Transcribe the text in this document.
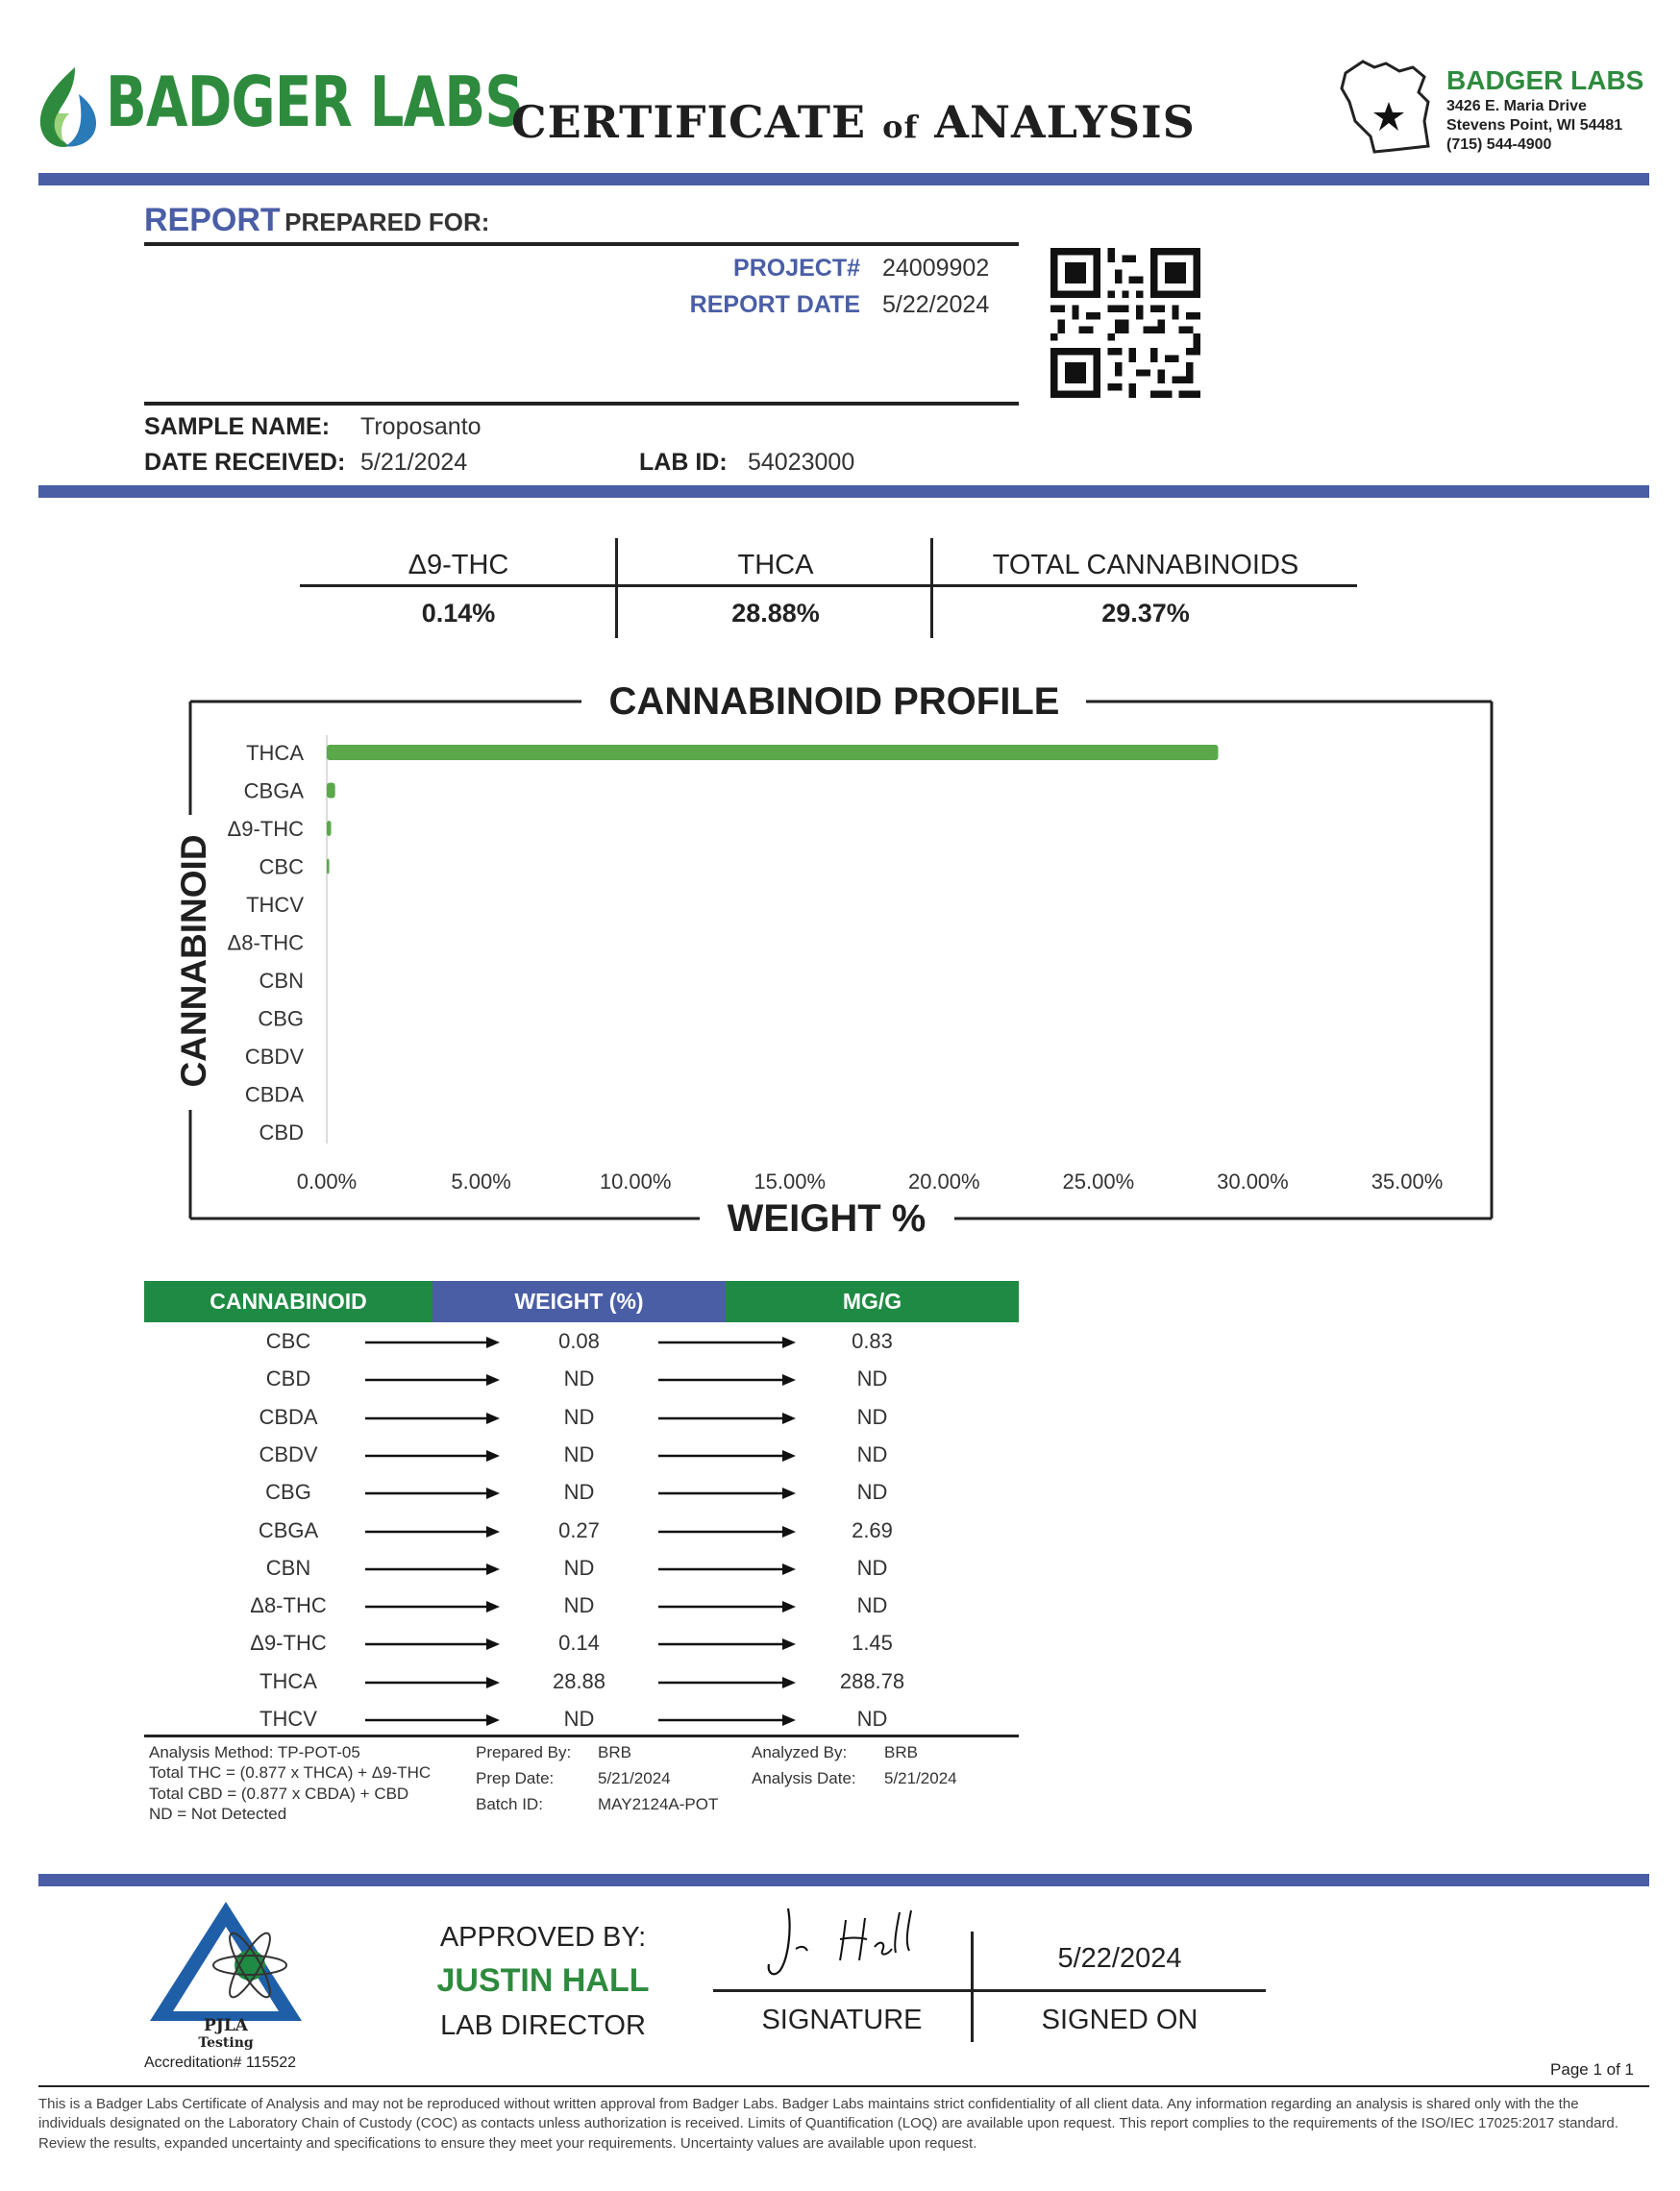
BADGER LABS
CERTIFICATE of ANALYSIS
BADGER LABS
3426 E. Maria Drive
Stevens Point, WI 54481
(715) 544-4900
REPORT PREPARED FOR:
PROJECT# 24009902
REPORT DATE 5/22/2024
SAMPLE NAME: Troposanto
DATE RECEIVED: 5/21/2024	LAB ID: 54023000
Δ9-THC	THCA	TOTAL CANNABINOIDS
0.14%	28.88%	29.37%
CANNABINOID PROFILE
WEIGHT %
CANNABINOID
THCA
CBGA
Δ9-THC
CBC
THCV
Δ8-THC
CBN
CBG
CBDV
CBDA
CBD
0.00%	5.00%	10.00%	15.00%	20.00%	25.00%	30.00%	35.00%
CANNABINOID	WEIGHT (%)	MG/G
CBC	0.08	0.83
CBD	ND	ND
CBDA	ND	ND
CBDV	ND	ND
CBG	ND	ND
CBGA	0.27	2.69
CBN	ND	ND
Δ8-THC	ND	ND
Δ9-THC	0.14	1.45
THCA	28.88	288.78
THCV	ND	ND
Analysis Method: TP-POT-05
Total THC = (0.877 x THCA) + Δ9-THC
Total CBD = (0.877 x CBDA) + CBD
ND = Not Detected
Prepared By: BRB
Prep Date:	5/21/2024
Batch ID:	MAY2124A-POT
Analyzed By: BRB
Analysis Date: 5/21/2024
PJLA
Testing
Accreditation# 115522
APPROVED BY:
JUSTIN HALL
LAB DIRECTOR
5/22/2024
SIGNATURE	SIGNED ON
Page 1 of 1
This is a Badger Labs Certificate of Analysis and may not be reproduced without written approval from Badger Labs. Badger Labs maintains strict confidentiality of all client data. Any information regarding an analysis is shared only with the the individuals designated on the Laboratory Chain of Custody (COC) as contacts unless authorization is received. Limits of Quantification (LOQ) are available upon request. This report complies to the requirements of the ISO/IEC 17025:2017 standard. Review the results, expanded uncertainty and specifications to ensure they meet your requirements. Uncertainty values are available upon request.
